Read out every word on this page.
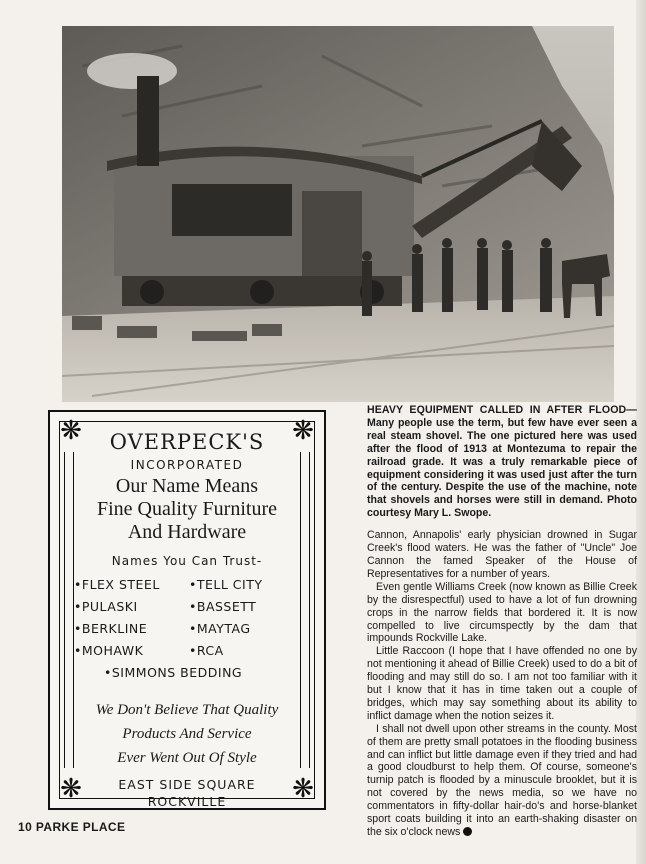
❋	❋
❋	❋
OVERPECK'S
INCORPORATED
Our Name Means
Fine Quality Furniture
And Hardware
Names You Can Trust-
•FLEX STEEL	•TELL CITY
•PULASKI	•BASSETT
•BERKLINE	•MAYTAG
•MOHAWK	•RCA
•SIMMONS BEDDING
We Don't Believe That Quality
Products And Service
Ever Went Out Of Style
EAST SIDE SQUARE
ROCKVILLE

HEAVY EQUIPMENT CALLED IN AFTER FLOOD— Many people use the term, but few have ever seen a real steam shovel. The one pictured here was used after the flood of 1913 at Montezuma to repair the railroad grade. It was a truly remarkable piece of equipment considering it was used just after the turn of the century. Despite the use of the machine, note that shovels and horses were still in demand. Photo courtesy Mary L. Swope.

Cannon, Annapolis' early physician drowned in Sugar Creek's flood waters. He was the father of "Uncle" Joe Cannon the famed Speaker of the House of Representatives for a number of years.

Even gentle Williams Creek (now known as Billie Creek by the disrespectful) used to have a lot of fun drowning crops in the narrow fields that bordered it. It is now compelled to live circumspectly by the dam that impounds Rockville Lake.

Little Raccoon (I hope that I have offended no one by not mentioning it ahead of Billie Creek) used to do a bit of flooding and may still do so. I am not too familiar with it but I know that it has in time taken out a couple of bridges, which may say something about its ability to inflict damage when the notion seizes it.

I shall not dwell upon other streams in the county. Most of them are pretty small potatoes in the flooding business and can inflict but little damage even if they tried and had a good cloudburst to help them. Of course, someone's turnip patch is flooded by a minuscule brooklet, but it is not covered by the news media, so we have no commentators in fifty-dollar hair-do's and horse-blanket sport coats building it into an earth-shaking disaster on the six o'clock news

10 PARKE PLACE
